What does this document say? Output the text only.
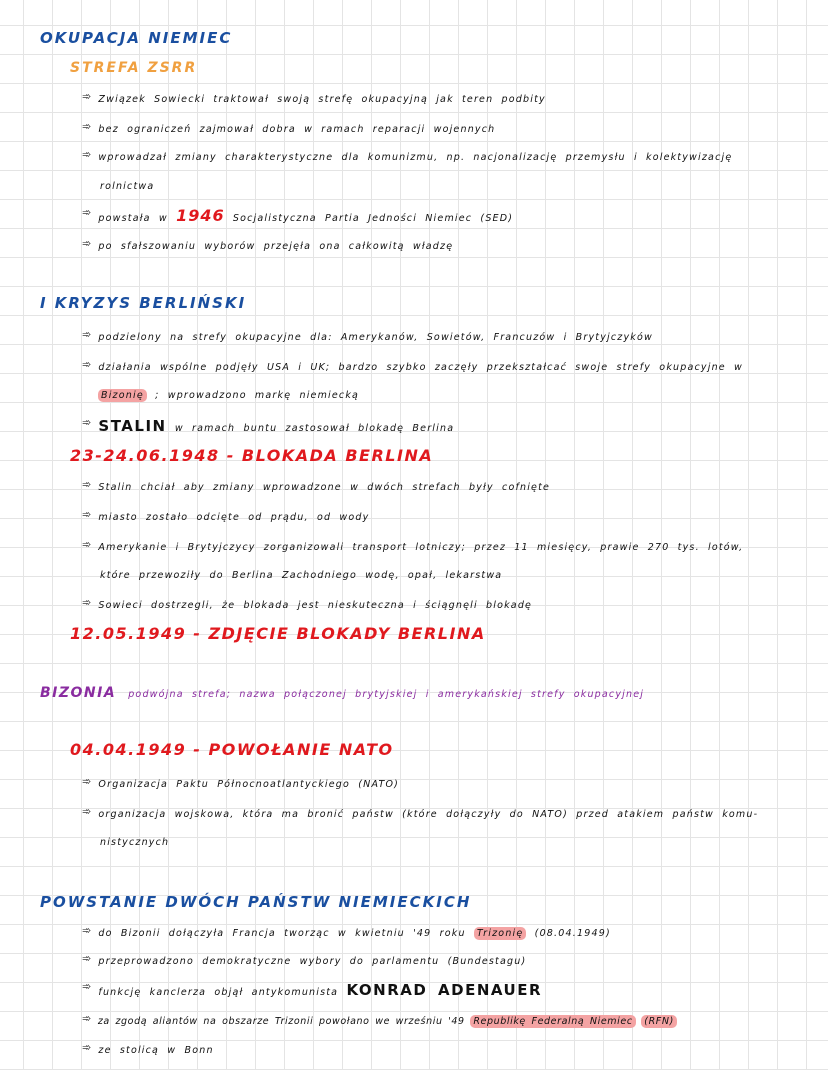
OKUPACJA NIEMIEC
STREFA ZSRR
➾ Związek Sowiecki traktował swoją strefę okupacyjną jak teren podbity
➾ bez ograniczeń zajmował dobra w ramach reparacji wojennych
➾ wprowadzał zmiany charakterystyczne dla komunizmu, np. nacjonalizację przemysłu i kolektywizację
rolnictwa
➾ powstała w 1946 Socjalistyczna Partia Jedności Niemiec (SED)
➾ po sfałszowaniu wyborów przejęła ona całkowitą władzę
I KRYZYS BERLIŃSKI
➾ podzielony na strefy okupacyjne dla: Amerykanów, Sowietów, Francuzów i Brytyjczyków
➾ działania wspólne podjęły USA i UK; bardzo szybko zaczęły przekształcać swoje strefy okupacyjne w
Bizonię ; wprowadzono markę niemiecką
➾ STALIN w ramach buntu zastosował blokadę Berlina
23-24.06.1948 - BLOKADA BERLINA
➾ Stalin chciał aby zmiany wprowadzone w dwóch strefach były cofnięte
➾ miasto zostało odcięte od prądu, od wody
➾ Amerykanie i Brytyjczycy zorganizowali transport lotniczy; przez 11 miesięcy, prawie 270 tys. lotów,
które przewoziły do Berlina Zachodniego wodę, opał, lekarstwa
➾ Sowieci dostrzegli, że blokada jest nieskuteczna i ściągnęli blokadę
12.05.1949 - ZDJĘCIE BLOKADY BERLINA
BIZONIA podwójna strefa; nazwa połączonej brytyjskiej i amerykańskiej strefy okupacyjnej
04.04.1949 - POWOŁANIE NATO
➾ Organizacja Paktu Północnoatlantyckiego (NATO)
➾ organizacja wojskowa, która ma bronić państw (które dołączyły do NATO) przed atakiem państw komu-
nistycznych
POWSTANIE DWÓCH PAŃSTW NIEMIECKICH
➾ do Bizonii dołączyła Francja tworząc w kwietniu '49 roku Trizonię (08.04.1949)
➾ przeprowadzono demokratyczne wybory do parlamentu (Bundestagu)
➾ funkcję kanclerza objął antykomunista KONRAD ADENAUER
➾ za zgodą aliantów na obszarze Trizonii powołano we wrześniu '49 Republikę Federalną Niemiec (RFN)
➾ ze stolicą w Bonn
